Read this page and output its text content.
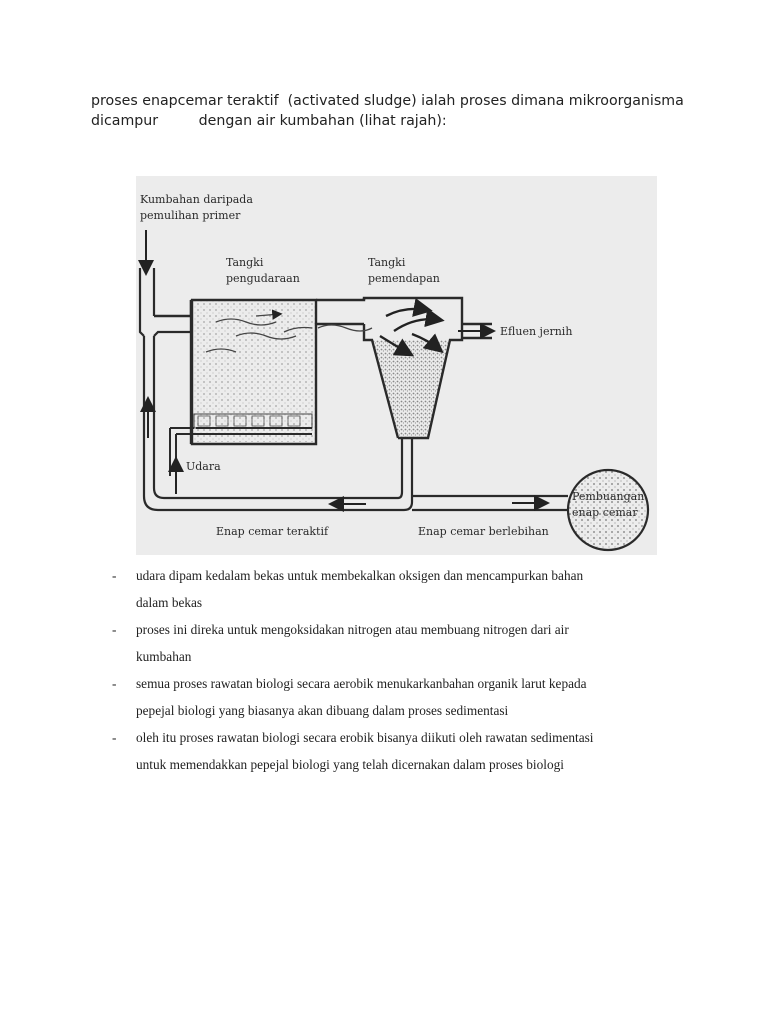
proses enapcemar teraktif  (activated sludge) ialah proses dimana mikroorganisma

dicampur         dengan air kumbahan (lihat rajah):

Kumbahan daripada
pemulihan primer
Tangki
pengudaraan
Tangki
pemendapan
Efluen jernih
Udara
Pembuangan
enap cemar
Enap cemar teraktif	Enap cemar berlebihan
- udara dipam kedalam bekas untuk membekalkan oksigen dan mencampurkan bahan
dalam bekas
- proses ini direka untuk mengoksidakan nitrogen atau membuang nitrogen dari air
kumbahan
- semua proses rawatan biologi secara aerobik menukarkanbahan organik larut kepada
pepejal biologi yang biasanya akan dibuang dalam proses sedimentasi
- oleh itu proses rawatan biologi secara erobik bisanya diikuti oleh rawatan sedimentasi
untuk memendakkan pepejal biologi yang telah dicernakan dalam proses biologi
